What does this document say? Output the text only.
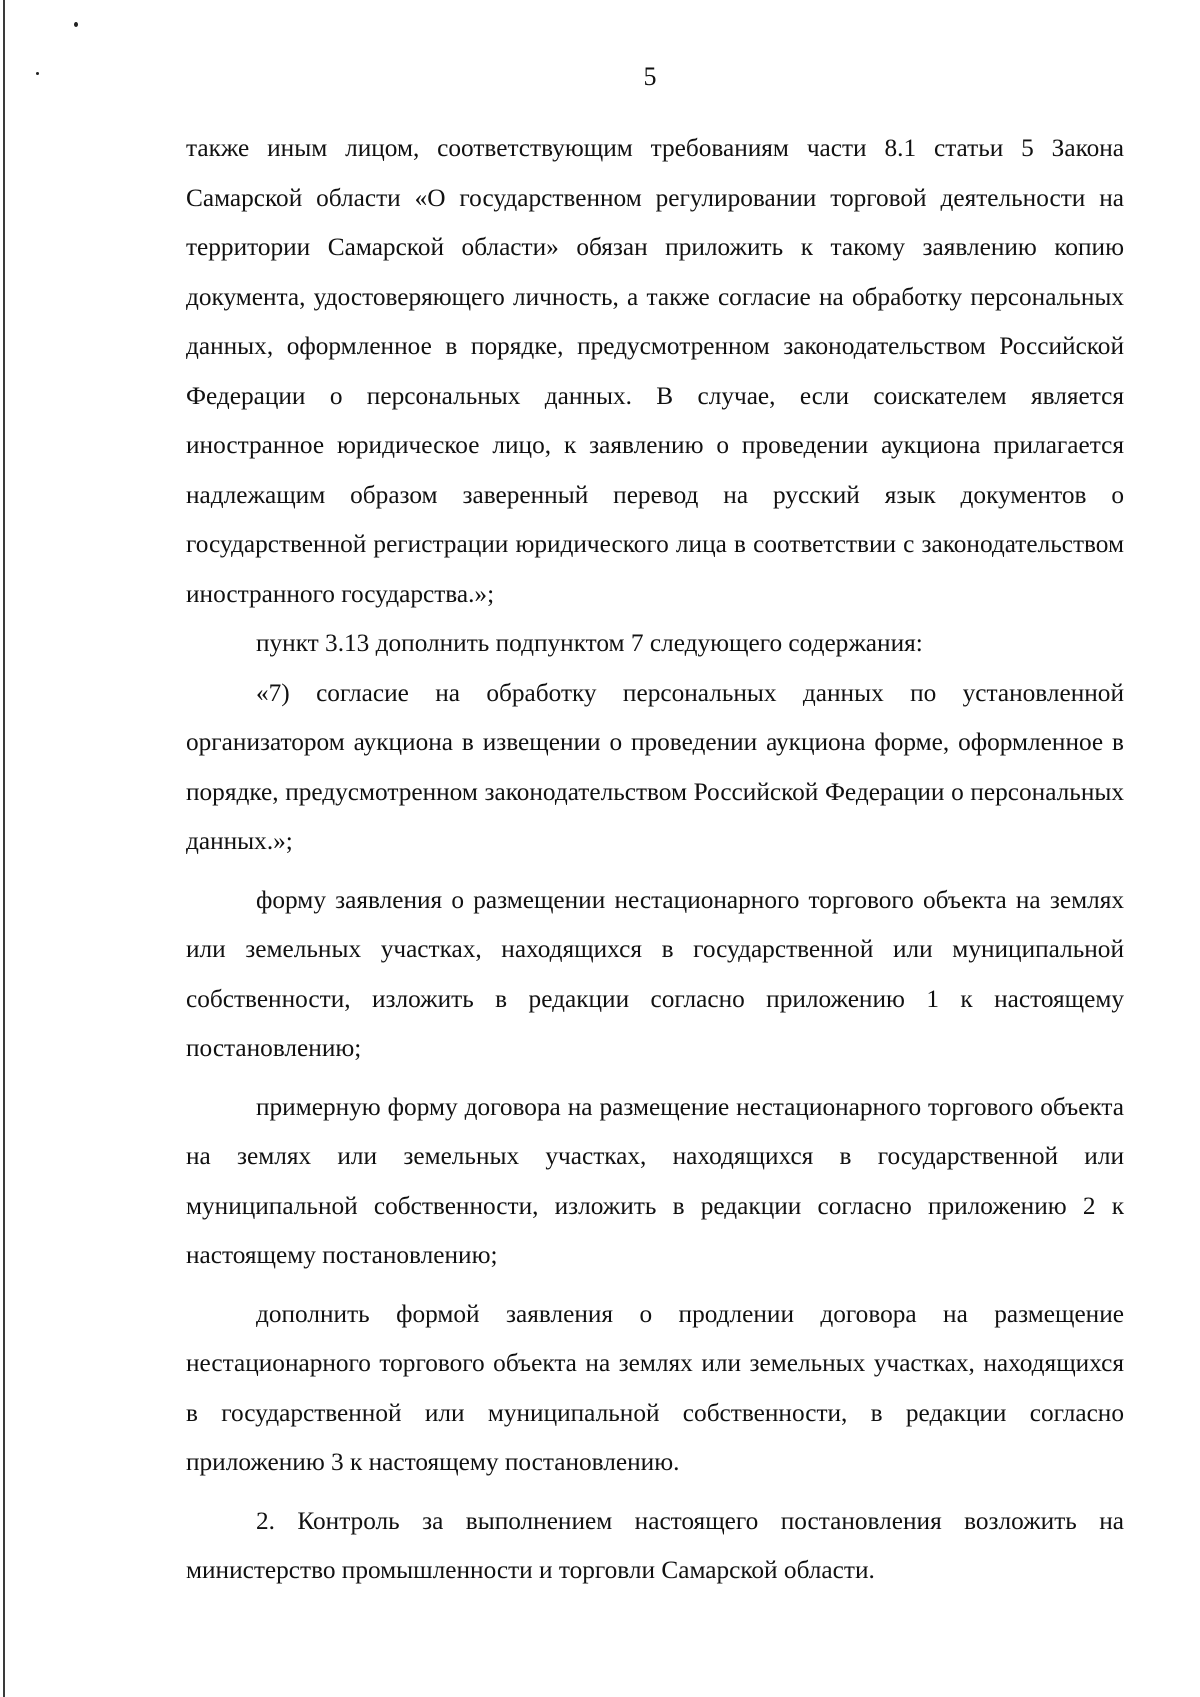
5

также иным лицом, соответствующим требованиям части 8.1 статьи 5 Закона Самарской области «О государственном регулировании торговой деятельности на территории Самарской области» обязан приложить к такому заявлению копию документа, удостоверяющего личность, а также согласие на обработку персональных данных, оформленное в порядке, предусмотренном законодательством Российской Федерации о персональных данных. В случае, если соискателем является иностранное юридическое лицо, к заявлению о проведении аукциона прилагается надлежащим образом заверенный перевод на русский язык документов о государственной регистрации юридического лица в соответствии с законодательством иностранного государства.»;

пункт 3.13 дополнить подпунктом 7 следующего содержания:

«7) согласие на обработку персональных данных по установленной организатором аукциона в извещении о проведении аукциона форме, оформленное в порядке, предусмотренном законодательством Российской Федерации о персональных данных.»;

форму заявления о размещении нестационарного торгового объекта на землях или земельных участках, находящихся в государственной или муниципальной собственности, изложить в редакции согласно приложению 1 к настоящему постановлению;

примерную форму договора на размещение нестационарного торгового объекта на землях или земельных участках, находящихся в государственной или муниципальной собственности, изложить в редакции согласно приложению 2 к настоящему постановлению;

дополнить формой заявления о продлении договора на размещение нестационарного торгового объекта на землях или земельных участках, находящихся в государственной или муниципальной собственности, в редакции согласно приложению 3 к настоящему постановлению.

2. Контроль за выполнением настоящего постановления возложить на министерство промышленности и торговли Самарской области.
